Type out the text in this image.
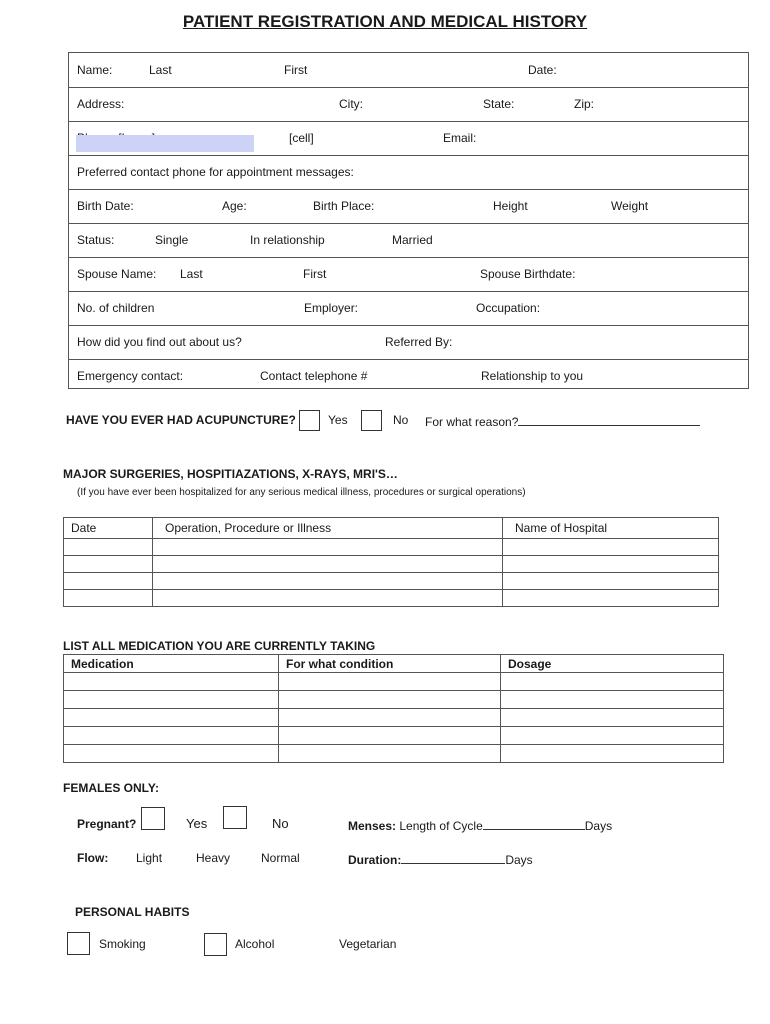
PATIENT REGISTRATION AND MEDICAL HISTORY
Name:	Last	First	Date:
Address:	City:	State:	Zip:
[cell]	Email:
Preferred contact phone for appointment messages:
Birth Date:	Age:	Birth Place:	Height	Weight
Status:	Single	In relationship	Married
Spouse Name: Last	First	Spouse Birthdate:
No. of children	Employer:	Occupation:
How did you find out about us?	Referred By:
Emergency contact:	Contact telephone #	Relationship to you
HAVE YOU EVER HAD ACUPUNCTURE?	Yes	No For what reason?
MAJOR SURGERIES, HOSPITIAZATIONS, X-RAYS, MRI'S…
(If you have ever been hospitalized for any serious medical illness, procedures or surgical operations)
Date	Operation, Procedure or Illness	Name of Hospital

LIST ALL MEDICATION YOU ARE CURRENTLY TAKING
Medication	For what condition	Dosage

FEMALES ONLY:
Pregnant?	Yes	No	Menses: Length of Cycle	Days
Flow: Light	Heavy	Normal	Duration:	Days
PERSONAL HABITS
Smoking	Alcohol	Vegetarian
